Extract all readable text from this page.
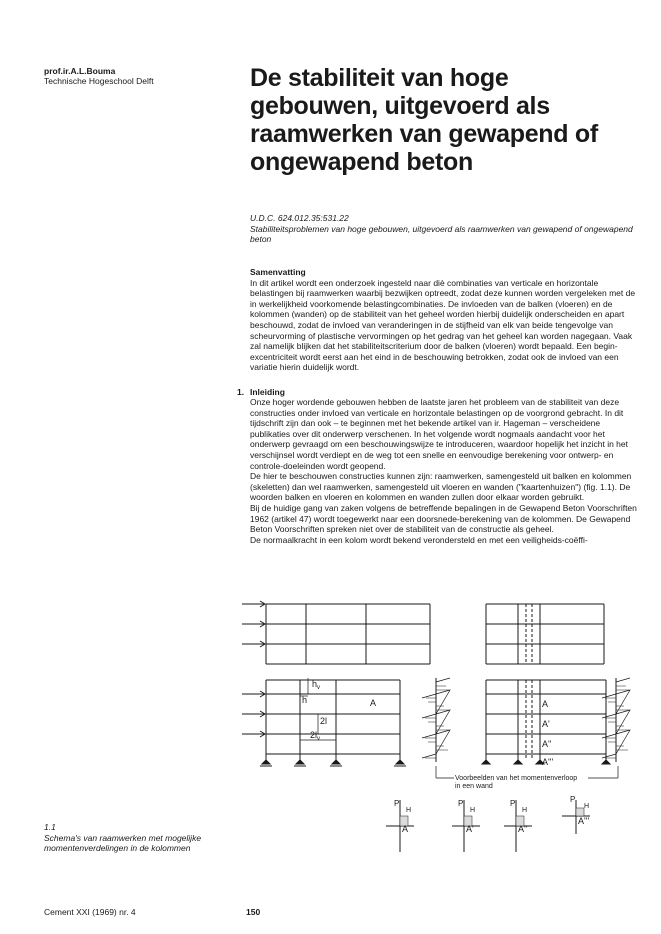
prof.ir.A.L.Bouma
Technische Hogeschool Delft	De stabiliteit van hoge gebouwen, uitgevoerd als raamwerken van gewapend of ongewapend beton
U.D.C. 624.012.35:531.22
Stabiliteitsproblemen van hoge gebouwen, uitgevoerd als raamwerken van gewapend of ongewapend beton
Samenvatting
In dit artikel wordt een onderzoek ingesteld naar diè combinaties van verticale en horizontale belastingen bij raamwerken waarbij bezwijken optreedt, zodat deze kunnen worden vergeleken met de in werkelijkheid voorkomende belastingcombinaties. De invloeden van de balken (vloeren) en de kolommen (wanden) op de stabiliteit van het geheel worden hierbij duidelijk onderscheiden en apart beschouwd, zodat de invloed van veranderingen in de stijfheid van elk van beide tengevolge van scheurvorming of plastische vervormingen op het gedrag van het geheel kan worden nagegaan. Vaak zal namelijk blijken dat het stabiliteitscriterium door de balken (vloeren) wordt bepaald. Een begin-excentriciteit wordt eerst aan het eind in de beschouwing betrokken, zodat ook de invloed van een variatie hierin duidelijk wordt.
1. Inleiding

Onze hoger wordende gebouwen hebben de laatste jaren het probleem van de stabiliteit van deze constructies onder invloed van verticale en horizontale belastingen op de voorgrond gebracht. In dit tijdschrift zijn dan ook – te beginnen met het bekende artikel van ir. Hageman – verscheidene publikaties over dit onderwerp verschenen. In het volgende wordt nogmaals aandacht voor het onderwerp gevraagd om een beschouwingswijze te introduceren, waardoor hopelijk het inzicht in het verschijnsel wordt verdiept en de weg tot een snelle en eenvoudige berekening voor ontwerp- en controle-doeleinden wordt geopend.

De hier te beschouwen constructies kunnen zijn: raamwerken, samengesteld uit balken en kolommen (skeletten) dan wel raamwerken, samengesteld uit vloeren en wanden ("kaartenhuizen") (fig. 1.1). De woorden balken en vloeren en kolommen en wanden zullen door elkaar worden gebruikt.

Bij de huidige gang van zaken volgens de betreffende bepalingen in de Gewapend Beton Voorschriften 1962 (artikel 47) wordt toegewerkt naar een doorsnede-berekening van de kolommen. De Gewapend Beton Voorschriften spreken niet over de stabiliteit van de constructie als geheel.

De normaalkracht in een kolom wordt bekend verondersteld en met een veiligheids-coëffi-

$h_v$
h
2l
$2l_v$
A	A
A'
A''
A'''
Voorbeelden van het momentenverloop
in een wand
P
H
A
P
H
A'
P
H
A''
P
H
A'''
1.1
Schema's van raamwerken met mogelijke momentenverdelingen in de kolommen
Cement XXI (1969) nr. 4	150
